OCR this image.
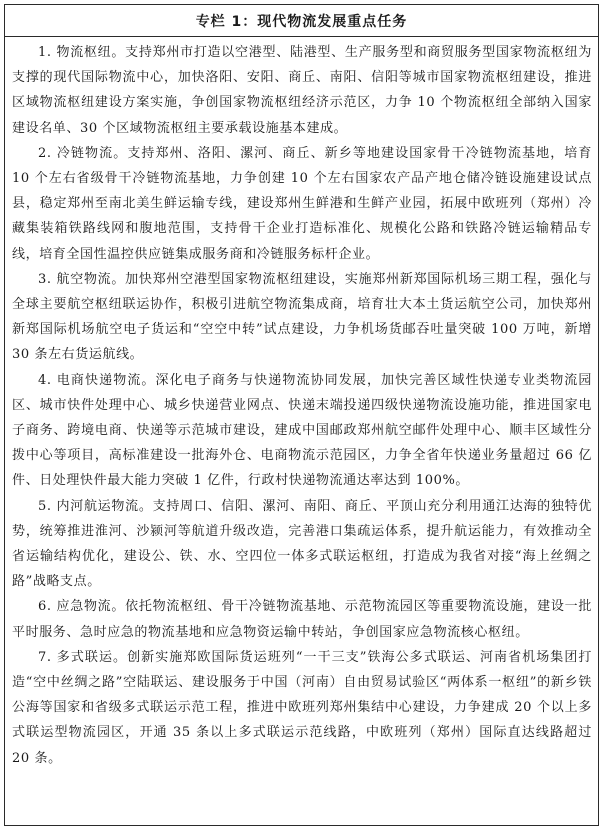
专栏 1：现代物流发展重点任务

1. 物流枢纽。支持郑州市打造以空港型、陆港型、生产服务型和商贸服务型国家物流枢纽为支撑的现代国际物流中心，加快洛阳、安阳、商丘、南阳、信阳等城市国家物流枢纽建设，推进区域物流枢纽建设方案实施，争创国家物流枢纽经济示范区，力争 10 个物流枢纽全部纳入国家建设名单、30 个区域物流枢纽主要承载设施基本建成。

2. 冷链物流。支持郑州、洛阳、漯河、商丘、新乡等地建设国家骨干冷链物流基地，培育 10 个左右省级骨干冷链物流基地，力争创建 10 个左右国家农产品产地仓储冷链设施建设试点县，稳定郑州至南北美生鲜运输专线，建设郑州生鲜港和生鲜产业园，拓展中欧班列（郑州）冷藏集装箱铁路线网和腹地范围，支持骨干企业打造标准化、规模化公路和铁路冷链运输精品专线，培育全国性温控供应链集成服务商和冷链服务标杆企业。

3. 航空物流。加快郑州空港型国家物流枢纽建设，实施郑州新郑国际机场三期工程，强化与全球主要航空枢纽联运协作，积极引进航空物流集成商，培育壮大本土货运航空公司，加快郑州新郑国际机场航空电子货运和“空空中转”试点建设，力争机场货邮吞吐量突破 100 万吨，新增 30 条左右货运航线。

4. 电商快递物流。深化电子商务与快递物流协同发展，加快完善区域性快递专业类物流园区、城市快件处理中心、城乡快递营业网点、快递末端投递四级快递物流设施功能，推进国家电子商务、跨境电商、快递等示范城市建设，建成中国邮政郑州航空邮件处理中心、顺丰区域性分拨中心等项目，高标准建设一批海外仓、电商物流示范园区，力争全省年快递业务量超过 66 亿件、日处理快件最大能力突破 1 亿件，行政村快递物流通达率达到 100%。

5. 内河航运物流。支持周口、信阳、漯河、南阳、商丘、平顶山充分利用通江达海的独特优势，统筹推进淮河、沙颍河等航道升级改造，完善港口集疏运体系，提升航运能力，有效推动全省运输结构优化，建设公、铁、水、空四位一体多式联运枢纽，打造成为我省对接“海上丝绸之路”战略支点。

6. 应急物流。依托物流枢纽、骨干冷链物流基地、示范物流园区等重要物流设施，建设一批平时服务、急时应急的物流基地和应急物资运输中转站，争创国家应急物流核心枢纽。

7. 多式联运。创新实施郑欧国际货运班列“一干三支”铁海公多式联运、河南省机场集团打造“空中丝绸之路”空陆联运、建设服务于中国（河南）自由贸易试验区“两体系一枢纽”的新乡铁公海等国家和省级多式联运示范工程，推进中欧班列郑州集结中心建设，力争建成 20 个以上多式联运型物流园区，开通 35 条以上多式联运示范线路，中欧班列（郑州）国际直达线路超过 20 条。
